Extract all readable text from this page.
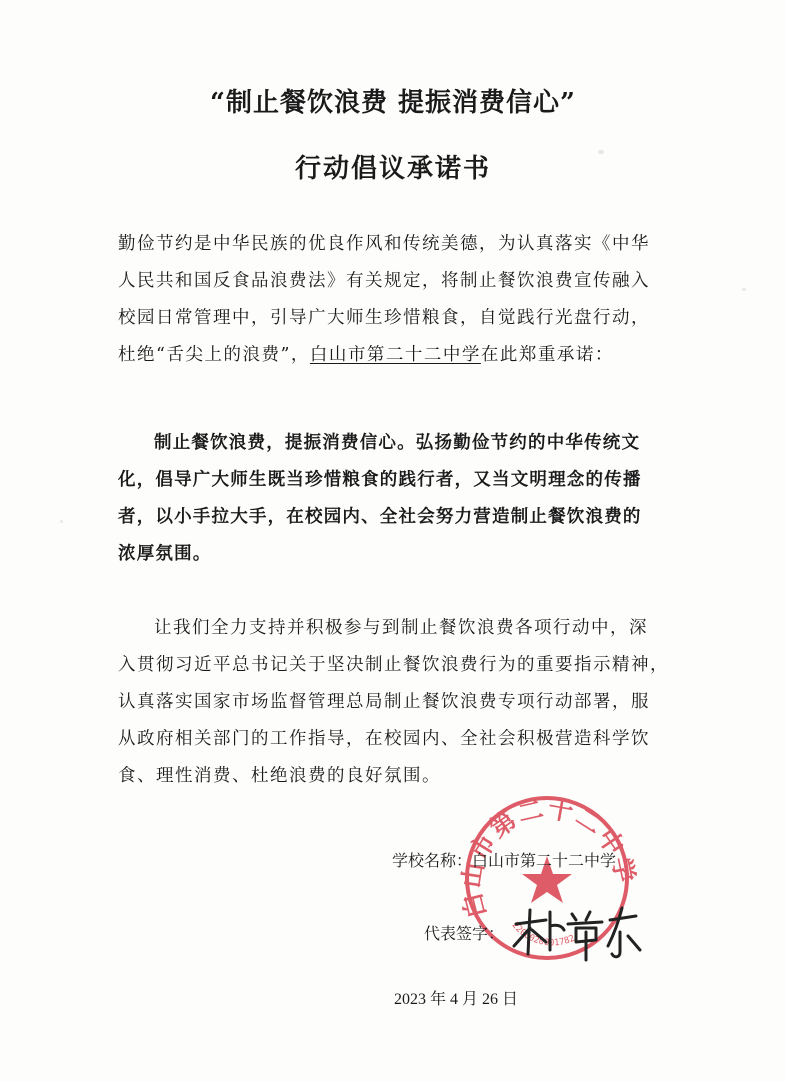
“制止餐饮浪费 提振消费信心”
行动倡议承诺书
勤俭节约是中华民族的优良作风和传统美德，为认真落实《中华
人民共和国反食品浪费法》有关规定，将制止餐饮浪费宣传融入
校园日常管理中，引导广大师生珍惜粮食，自觉践行光盘行动，
杜绝“舌尖上的浪费”，白山市第二十二中学在此郑重承诺：
制止餐饮浪费，提振消费信心。弘扬勤俭节约的中华传统文
化，倡导广大师生既当珍惜粮食的践行者，又当文明理念的传播
者，以小手拉大手，在校园内、全社会努力营造制止餐饮浪费的
浓厚氛围。
让我们全力支持并积极参与到制止餐饮浪费各项行动中，深
入贯彻习近平总书记关于坚决制止餐饮浪费行为的重要指示精神，
认真落实国家市场监督管理总局制止餐饮浪费专项行动部署，服
从政府相关部门的工作指导，在校园内、全社会积极营造科学饮
食、理性消费、杜绝浪费的良好氛围。
白山市第二十二中学
2206020001782
学校名称：白山市第二十二中学
代表签字：
2023 年 4 月 26 日
